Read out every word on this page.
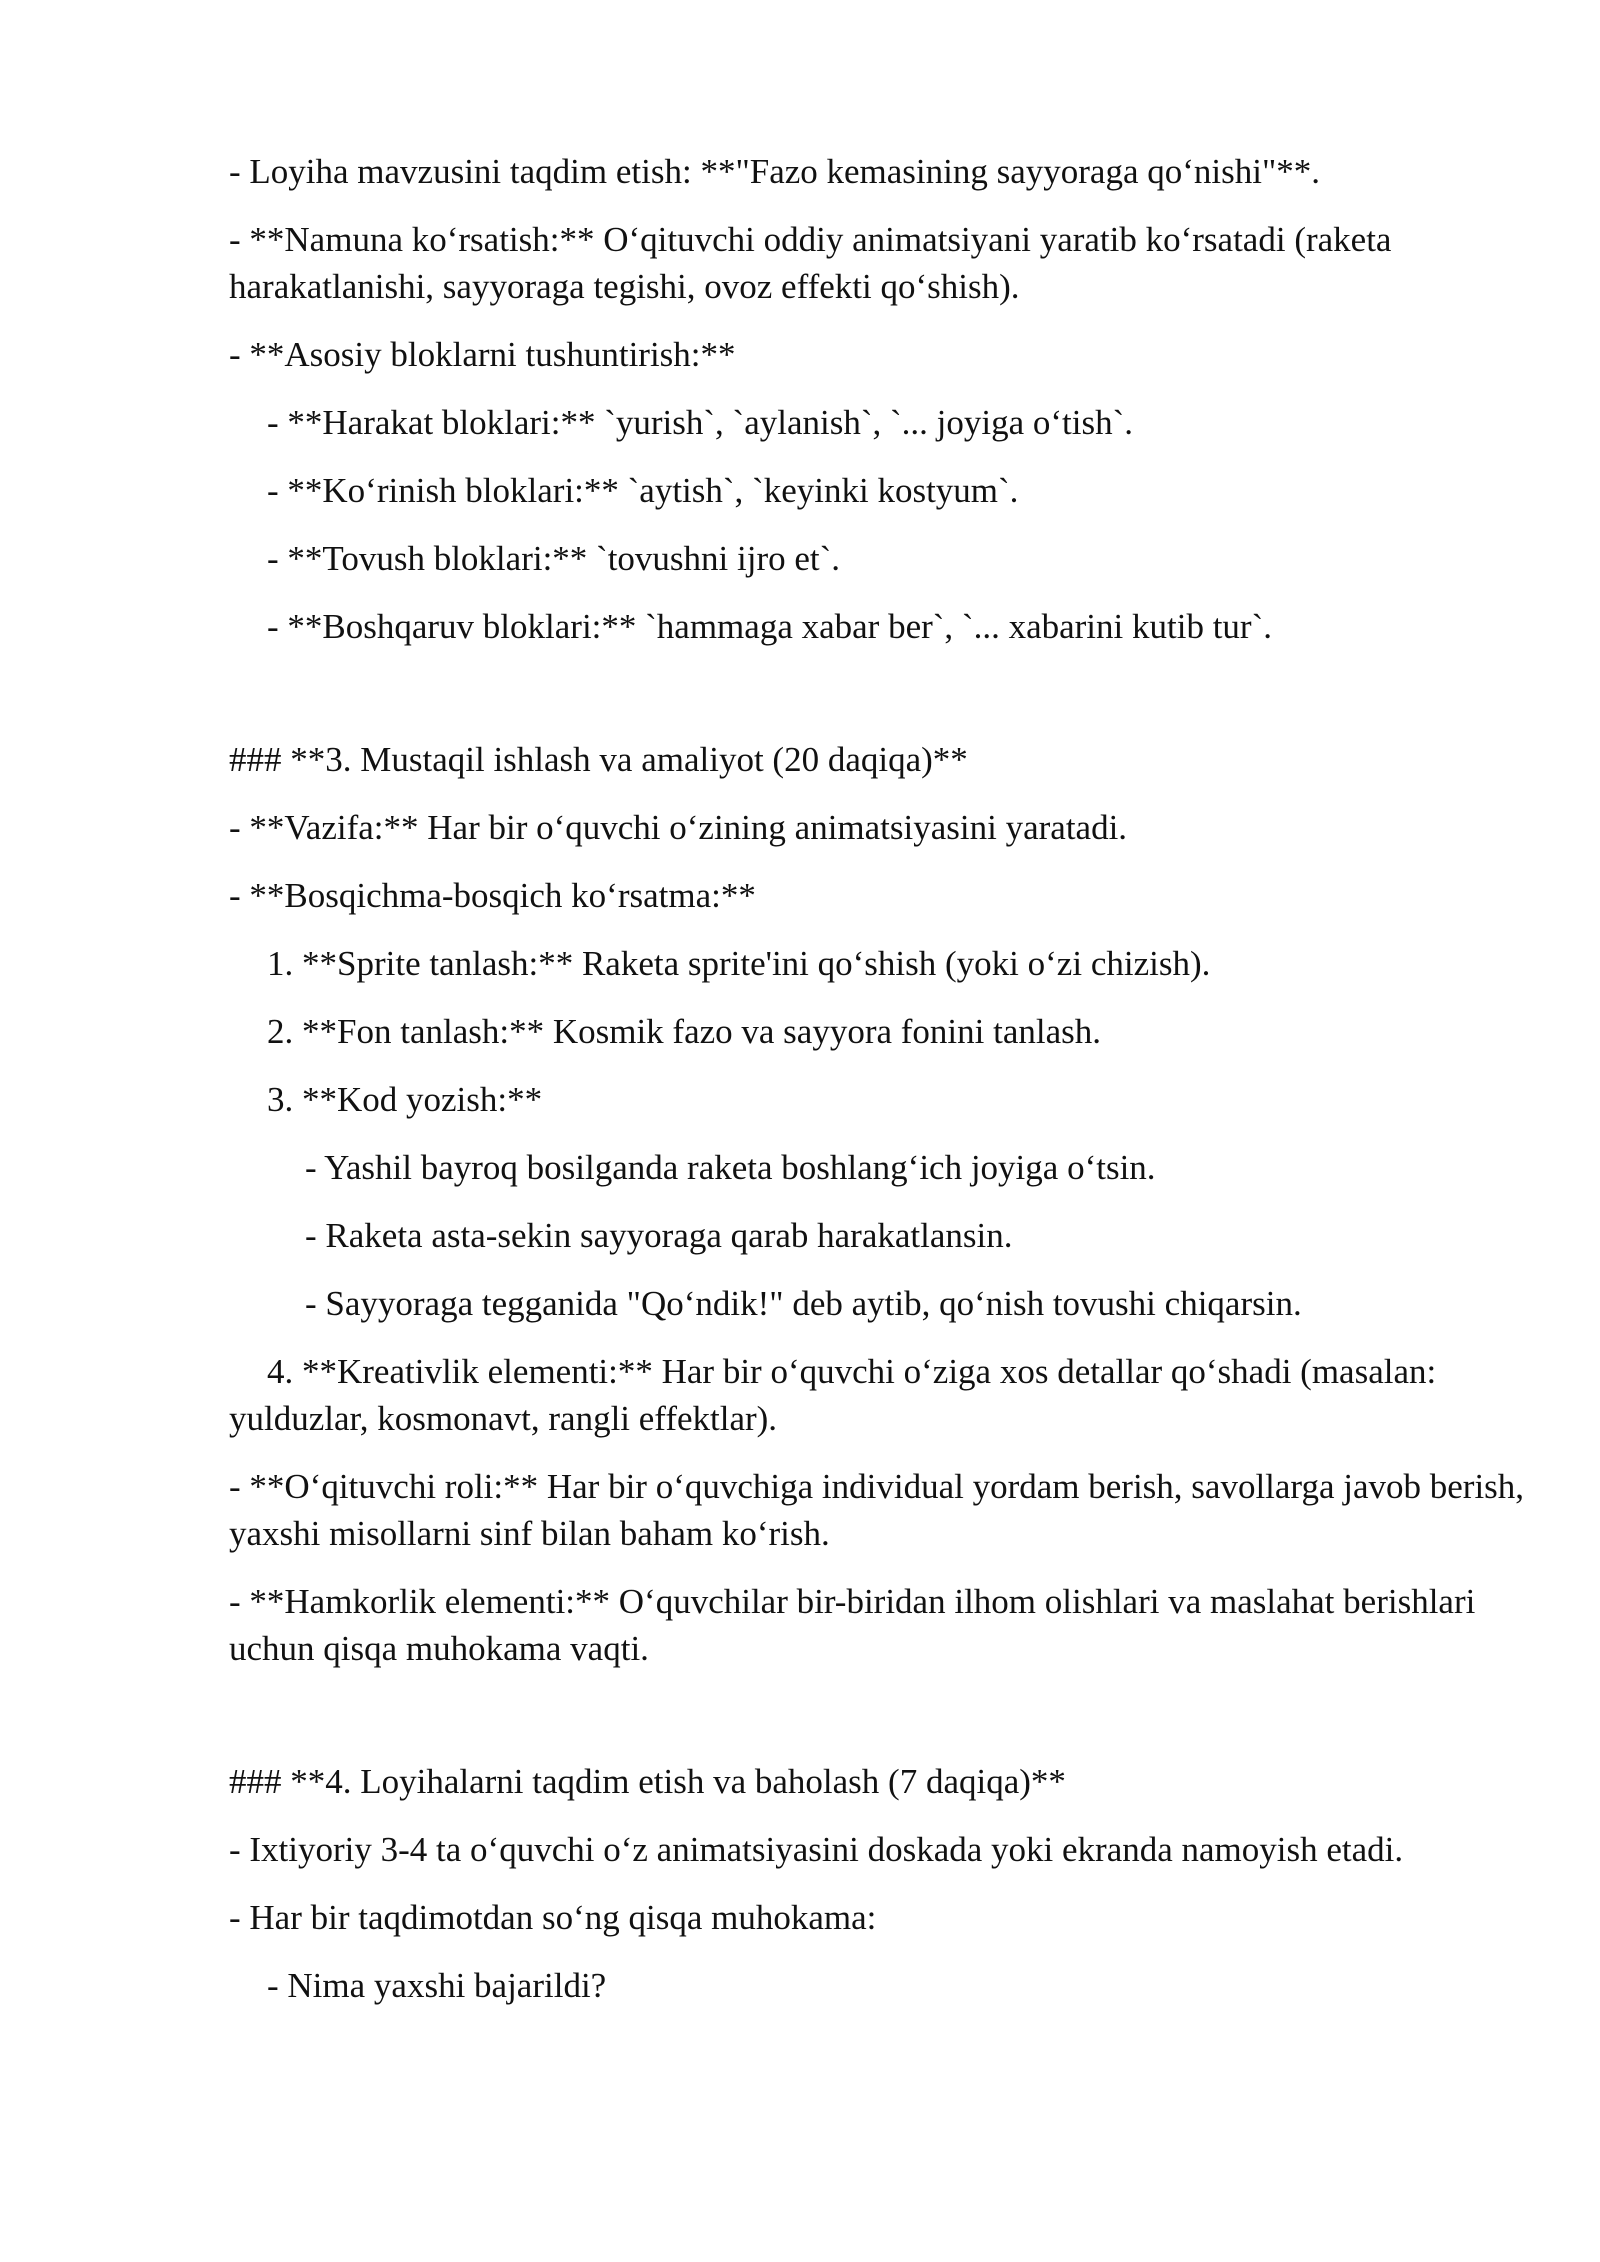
- Loyiha mavzusini taqdim etish: **"Fazo kemasining sayyoraga qo‘nishi"**.

- **Namuna ko‘rsatish:** O‘qituvchi oddiy animatsiyani yaratib ko‘rsatadi (raketa harakatlanishi, sayyoraga tegishi, ovoz effekti qo‘shish).

- **Asosiy bloklarni tushuntirish:**

- **Harakat bloklari:** `yurish`, `aylanish`, `... joyiga o‘tish`.

- **Ko‘rinish bloklari:** `aytish`, `keyinki kostyum`.

- **Tovush bloklari:** `tovushni ijro et`.

- **Boshqaruv bloklari:** `hammaga xabar ber`, `... xabarini kutib tur`.

### **3. Mustaqil ishlash va amaliyot (20 daqiqa)**

- **Vazifa:** Har bir o‘quvchi o‘zining animatsiyasini yaratadi.

- **Bosqichma-bosqich ko‘rsatma:**

1. **Sprite tanlash:** Raketa sprite'ini qo‘shish (yoki o‘zi chizish).

2. **Fon tanlash:** Kosmik fazo va sayyora fonini tanlash.

3. **Kod yozish:**

- Yashil bayroq bosilganda raketa boshlang‘ich joyiga o‘tsin.

- Raketa asta-sekin sayyoraga qarab harakatlansin.

- Sayyoraga tegganida "Qo‘ndik!" deb aytib, qo‘nish tovushi chiqarsin.

4. **Kreativlik elementi:** Har bir o‘quvchi o‘ziga xos detallar qo‘shadi (masalan: yulduzlar, kosmonavt, rangli effektlar).

- **O‘qituvchi roli:** Har bir o‘quvchiga individual yordam berish, savollarga javob berish, yaxshi misollarni sinf bilan baham ko‘rish.

- **Hamkorlik elementi:** O‘quvchilar bir-biridan ilhom olishlari va maslahat berishlari uchun qisqa muhokama vaqti.

### **4. Loyihalarni taqdim etish va baholash (7 daqiqa)**

- Ixtiyoriy 3-4 ta o‘quvchi o‘z animatsiyasini doskada yoki ekranda namoyish etadi.

- Har bir taqdimotdan so‘ng qisqa muhokama:

- Nima yaxshi bajarildi?
